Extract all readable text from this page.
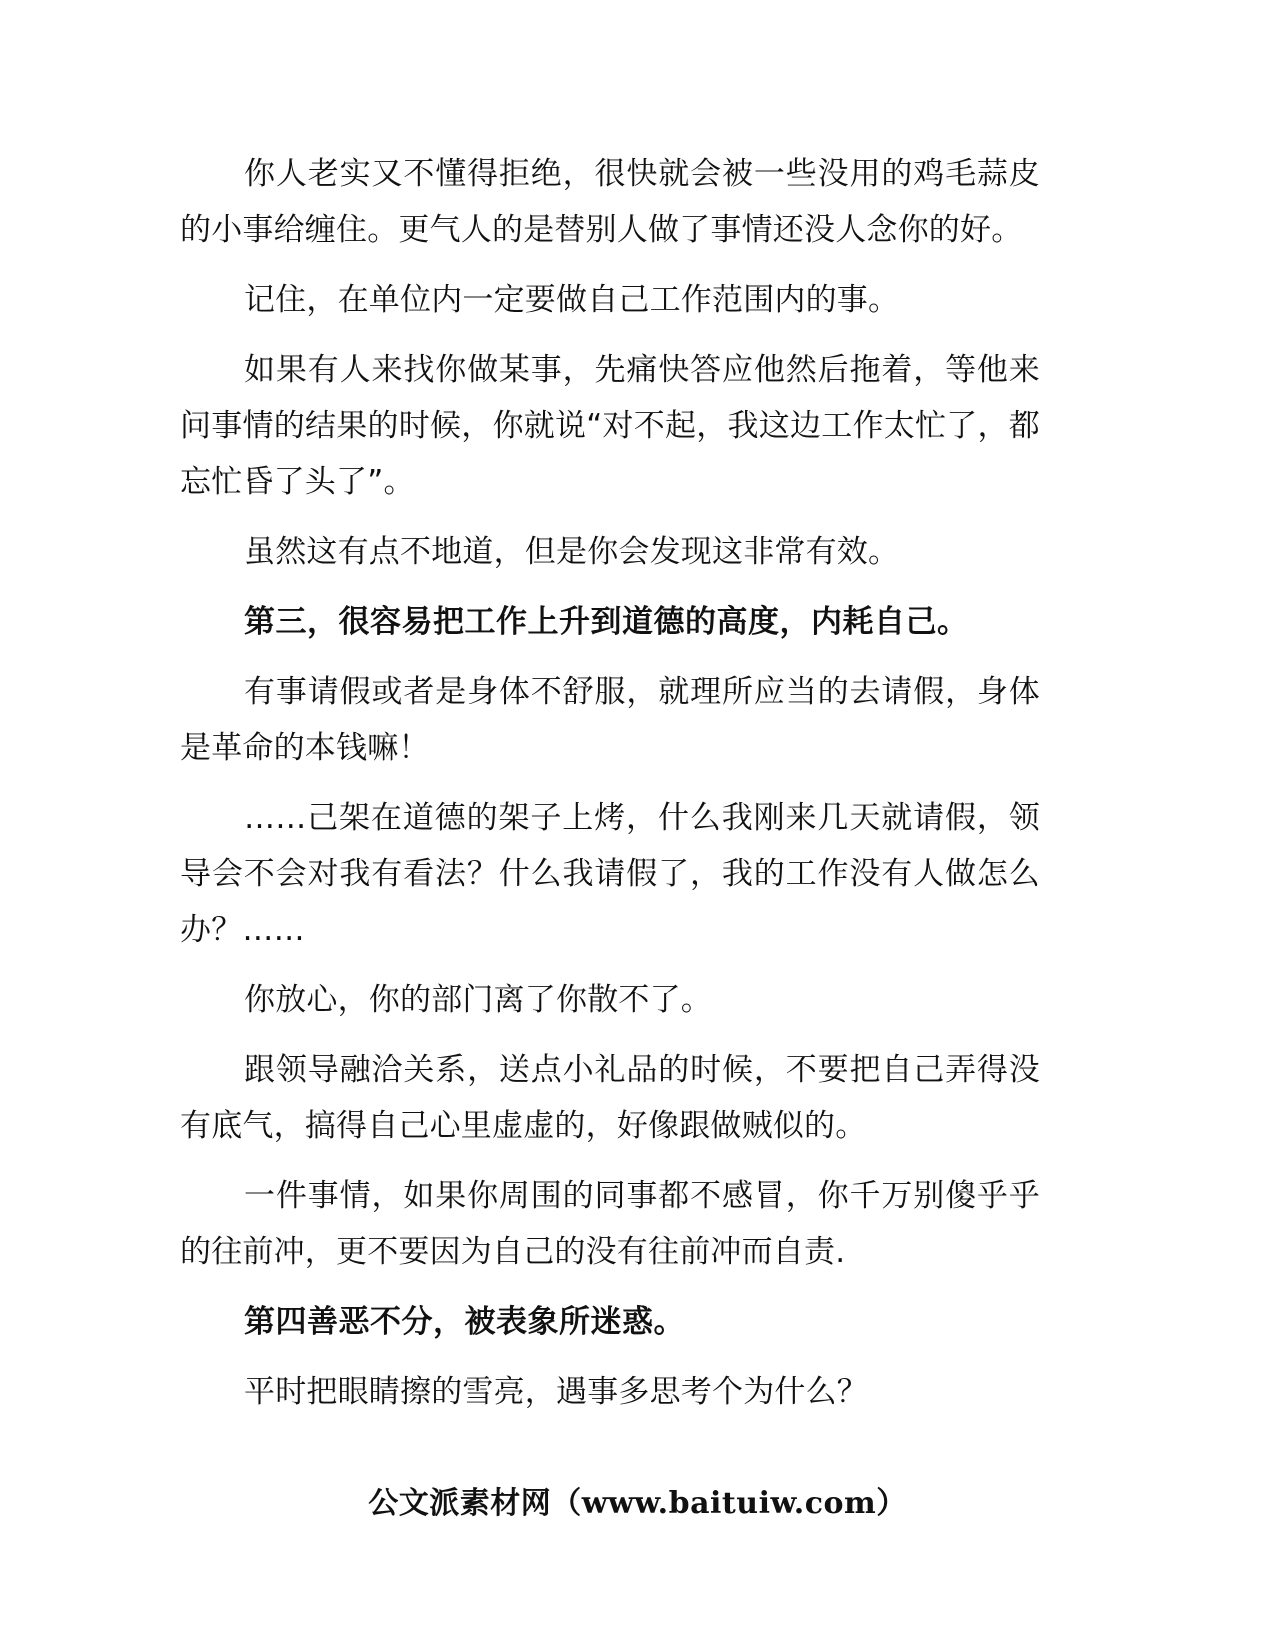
你人老实又不懂得拒绝，很快就会被一些没用的鸡毛蒜皮的小事给缠住。更气人的是替别人做了事情还没人念你的好。

记住，在单位内一定要做自己工作范围内的事。

如果有人来找你做某事，先痛快答应他然后拖着，等他来问事情的结果的时候，你就说“对不起，我这边工作太忙了，都忘忙昏了头了”。

虽然这有点不地道，但是你会发现这非常有效。

第三，很容易把工作上升到道德的高度，内耗自己。

有事请假或者是身体不舒服，就理所应当的去请假，身体是革命的本钱嘛！

……己架在道德的架子上烤，什么我刚来几天就请假，领导会不会对我有看法？什么我请假了，我的工作没有人做怎么办？……

你放心，你的部门离了你散不了。

跟领导融洽关系，送点小礼品的时候，不要把自己弄得没有底气，搞得自己心里虚虚的，好像跟做贼似的。

一件事情，如果你周围的同事都不感冒，你千万别傻乎乎的往前冲，更不要因为自己的没有往前冲而自责.

第四善恶不分，被表象所迷惑。

平时把眼睛擦的雪亮，遇事多思考个为什么？

公文派素材网（www.baituiw.com）
